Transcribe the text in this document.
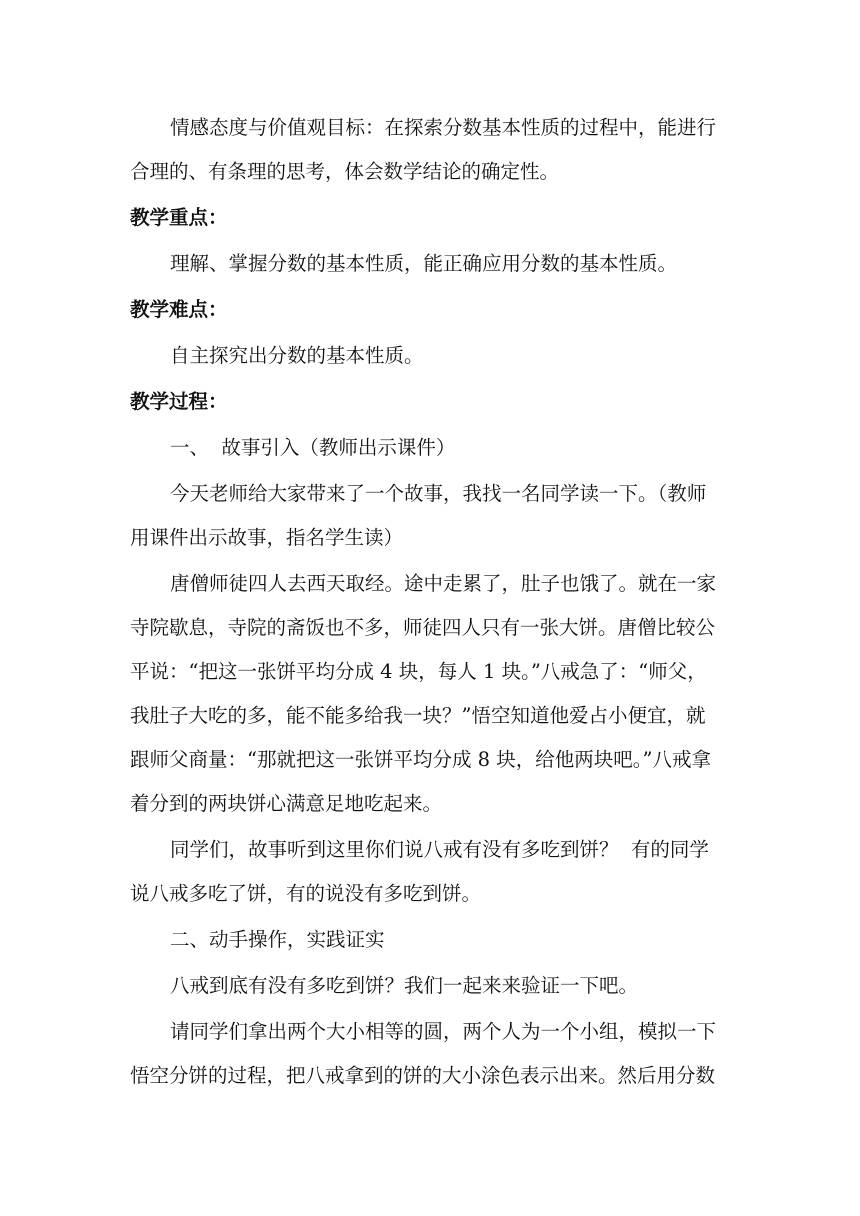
情感态度与价值观目标：在探索分数基本性质的过程中，能进行
合理的、有条理的思考，体会数学结论的确定性。

教学重点：

理解、掌握分数的基本性质，能正确应用分数的基本性质。

教学难点：

自主探究出分数的基本性质。

教学过程：

一、  故事引入（教师出示课件）

今天老师给大家带来了一个故事，我找一名同学读一下。（教师
用课件出示故事，指名学生读）

唐僧师徒四人去西天取经。途中走累了，肚子也饿了。就在一家
寺院歇息，寺院的斋饭也不多，师徒四人只有一张大饼。唐僧比较公
平说：“把这一张饼平均分成 4 块，每人 1 块。”八戒急了：“师父，
我肚子大吃的多，能不能多给我一块？”悟空知道他爱占小便宜，就
跟师父商量：“那就把这一张饼平均分成 8 块，给他两块吧。”八戒拿
着分到的两块饼心满意足地吃起来。

同学们，故事听到这里你们说八戒有没有多吃到饼？  有的同学
说八戒多吃了饼，有的说没有多吃到饼。

二、动手操作，实践证实

八戒到底有没有多吃到饼？我们一起来来验证一下吧。

请同学们拿出两个大小相等的圆，两个人为一个小组，模拟一下
悟空分饼的过程，把八戒拿到的饼的大小涂色表示出来。然后用分数
